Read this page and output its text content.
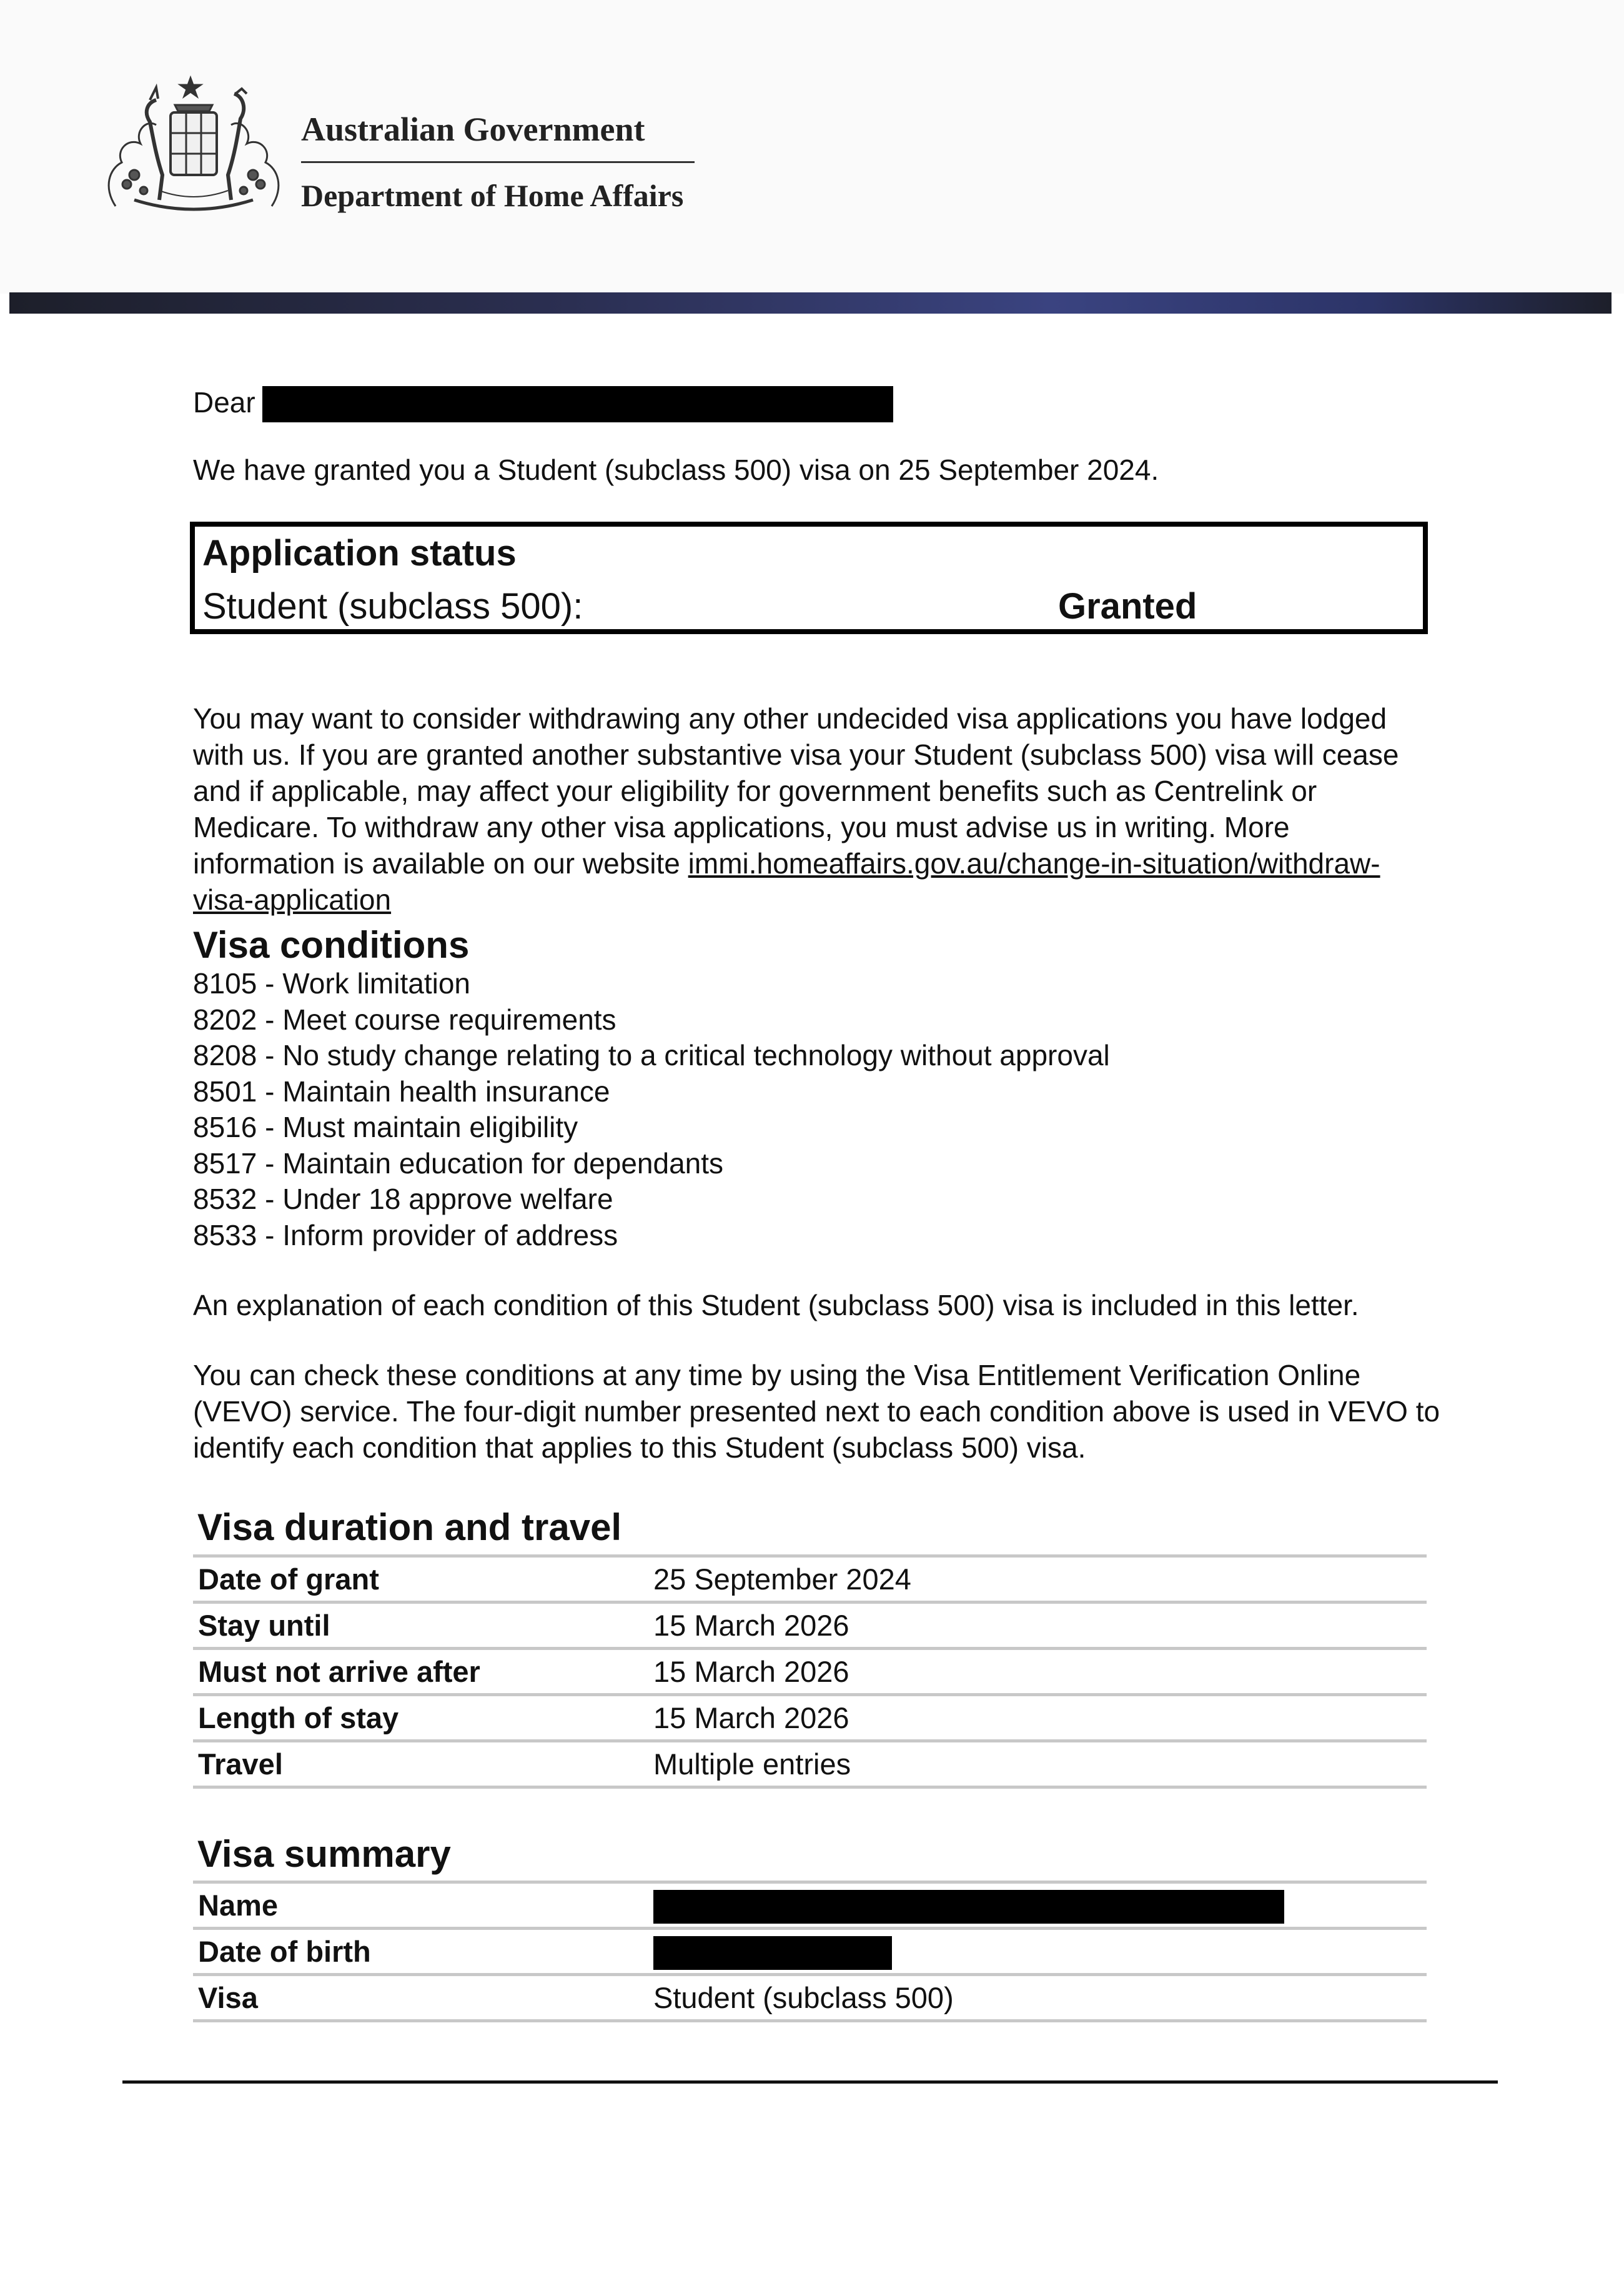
Australian Government
Department of Home Affairs
Dear
We have granted you a Student (subclass 500) visa on 25 September 2024.
Application status
Student (subclass 500):	Granted

You may want to consider withdrawing any other undecided visa applications you have lodged with us. If you are granted another substantive visa your Student (subclass 500) visa will cease and if applicable, may affect your eligibility for government benefits such as Centrelink or Medicare. To withdraw any other visa applications, you must advise us in writing. More information is available on our website immi.homeaffairs.gov.au/change-in-situation/withdraw-visa-application

Visa conditions
8105 - Work limitation
8202 - Meet course requirements
8208 - No study change relating to a critical technology without approval
8501 - Maintain health insurance
8516 - Must maintain eligibility
8517 - Maintain education for dependants
8532 - Under 18 approve welfare
8533 - Inform provider of address
An explanation of each condition of this Student (subclass 500) visa is included in this letter.
You can check these conditions at any time by using the Visa Entitlement Verification Online (VEVO) service. The four-digit number presented next to each condition above is used in VEVO to identify each condition that applies to this Student (subclass 500) visa.
Visa duration and travel
Date of grant	25 September 2024
Stay until	15 March 2026
Must not arrive after	15 March 2026
Length of stay	15 March 2026
Travel	Multiple entries
Visa summary
Name	
Date of birth	
Visa	Student (subclass 500)
